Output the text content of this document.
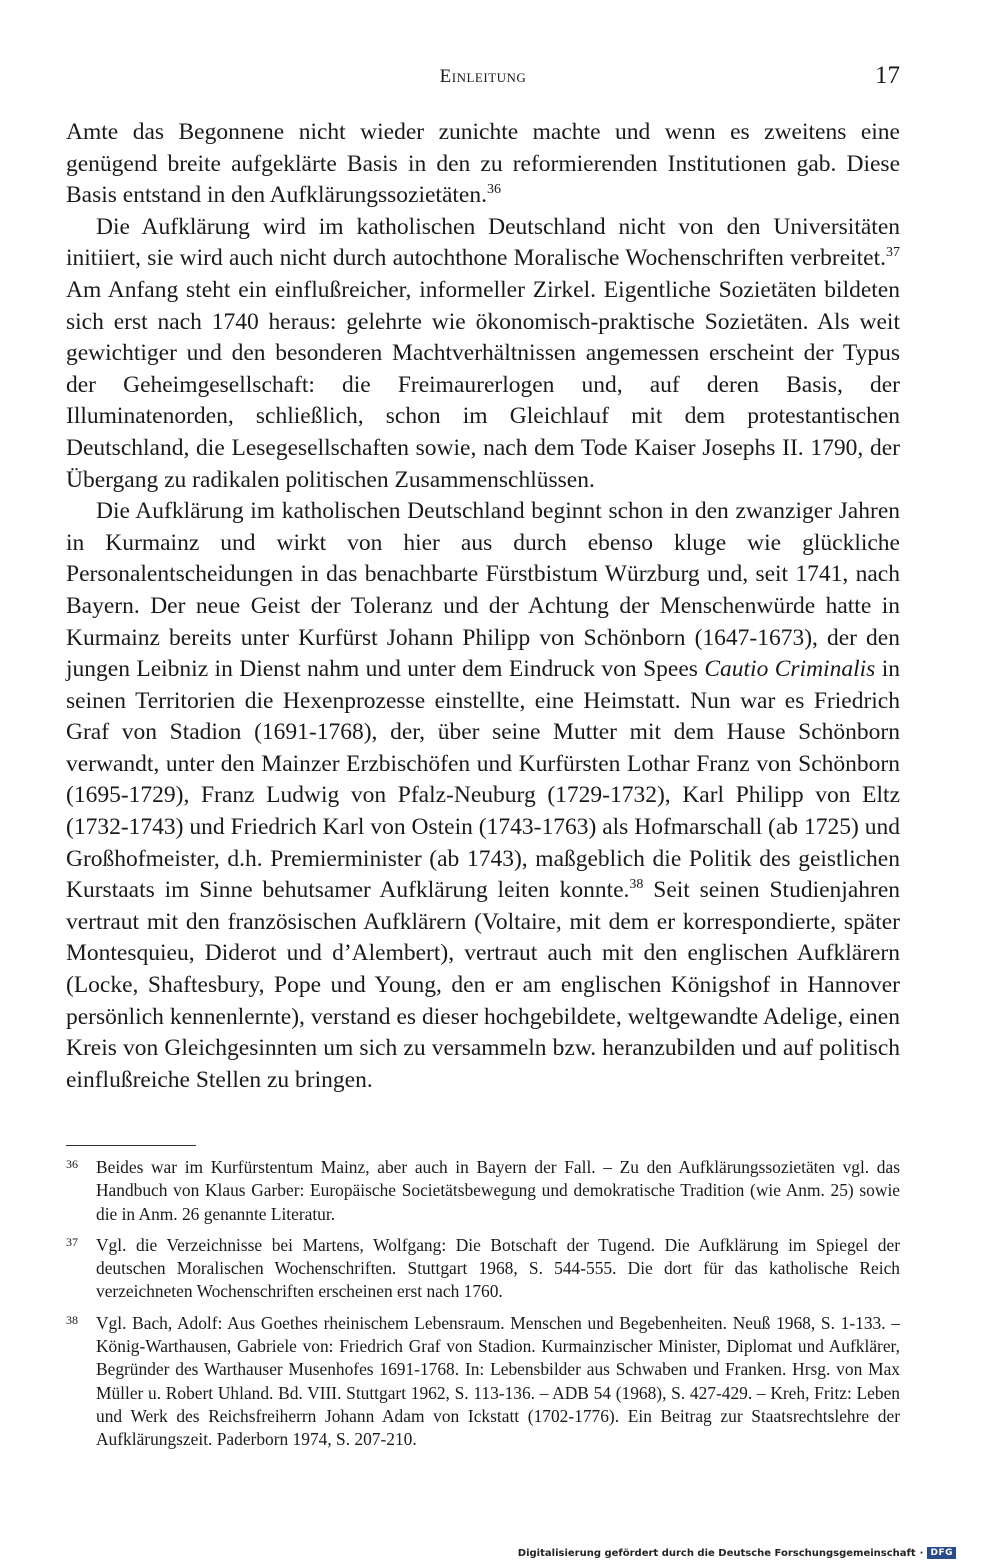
Einleitung	17

Amte das Begonnene nicht wieder zunichte machte und wenn es zweitens eine genügend breite aufgeklärte Basis in den zu reformierenden Institutionen gab. Diese Basis entstand in den Aufklärungssozietäten.$^{36}$

Die Aufklärung wird im katholischen Deutschland nicht von den Universitäten initiiert, sie wird auch nicht durch autochthone Moralische Wochenschriften verbreitet.$^{37}$ Am Anfang steht ein einflußreicher, informeller Zirkel. Eigentliche Sozietäten bildeten sich erst nach 1740 heraus: gelehrte wie ökonomisch-praktische Sozietäten. Als weit gewichtiger und den besonderen Machtverhältnissen angemessen erscheint der Typus der Geheimgesellschaft: die Freimaurerlogen und, auf deren Basis, der Illuminatenorden, schließlich, schon im Gleichlauf mit dem protestantischen Deutschland, die Lesegesellschaften sowie, nach dem Tode Kaiser Josephs II. 1790, der Übergang zu radikalen politischen Zusammenschlüssen.

Die Aufklärung im katholischen Deutschland beginnt schon in den zwanziger Jahren in Kurmainz und wirkt von hier aus durch ebenso kluge wie glückliche Personalentscheidungen in das benachbarte Fürstbistum Würzburg und, seit 1741, nach Bayern. Der neue Geist der Toleranz und der Achtung der Menschenwürde hatte in Kurmainz bereits unter Kurfürst Johann Philipp von Schönborn (1647-1673), der den jungen Leibniz in Dienst nahm und unter dem Eindruck von Spees Cautio Criminalis in seinen Territorien die Hexenprozesse einstellte, eine Heimstatt. Nun war es Friedrich Graf von Stadion (1691-1768), der, über seine Mutter mit dem Hause Schönborn verwandt, unter den Mainzer Erzbischöfen und Kurfürsten Lothar Franz von Schönborn (1695-1729), Franz Ludwig von Pfalz-Neuburg (1729-1732), Karl Philipp von Eltz (1732-1743) und Friedrich Karl von Ostein (1743-1763) als Hofmarschall (ab 1725) und Großhofmeister, d.h. Premierminister (ab 1743), maßgeblich die Politik des geistlichen Kurstaats im Sinne behutsamer Aufklärung leiten konnte.$^{38}$ Seit seinen Studienjahren vertraut mit den französischen Aufklärern (Voltaire, mit dem er korrespondierte, später Montesquieu, Diderot und d’Alembert), vertraut auch mit den englischen Aufklärern (Locke, Shaftesbury, Pope und Young, den er am englischen Königshof in Hannover persönlich kennenlernte), verstand es dieser hochgebildete, weltgewandte Adelige, einen Kreis von Gleichgesinnten um sich zu versammeln bzw. heranzubilden und auf politisch einflußreiche Stellen zu bringen.

36 Beides war im Kurfürstentum Mainz, aber auch in Bayern der Fall. – Zu den Aufklärungssozietäten vgl. das Handbuch von Klaus Garber: Europäische Societätsbewegung und demokratische Tradition (wie Anm. 25) sowie die in Anm. 26 genannte Literatur.
37 Vgl. die Verzeichnisse bei Martens, Wolfgang: Die Botschaft der Tugend. Die Aufklärung im Spiegel der deutschen Moralischen Wochenschriften. Stuttgart 1968, S. 544-555. Die dort für das katholische Reich verzeichneten Wochenschriften erscheinen erst nach 1760.
38 Vgl. Bach, Adolf: Aus Goethes rheinischem Lebensraum. Menschen und Begebenheiten. Neuß 1968, S. 1-133. – König-Warthausen, Gabriele von: Friedrich Graf von Stadion. Kurmainzischer Minister, Diplomat und Aufklärer, Begründer des Warthauser Musenhofes 1691-1768. In: Lebensbilder aus Schwaben und Franken. Hrsg. von Max Müller u. Robert Uhland. Bd. VIII. Stuttgart 1962, S. 113-136. – ADB 54 (1968), S. 427-429. – Kreh, Fritz: Leben und Werk des Reichsfreiherrn Johann Adam von Ickstatt (1702-1776). Ein Beitrag zur Staatsrechtslehre der Aufklärungszeit. Paderborn 1974, S. 207-210.
Digitalisierung gefördert durch die Deutsche Forschungsgemeinschaft · DFG
